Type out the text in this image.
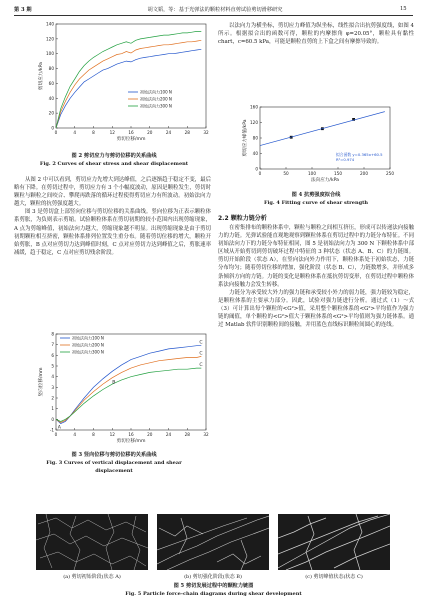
第 3 期	胡文韬，等：基于光弹法的颗粒材料直剪试验剪切滑移研究	15
0	4	8	12	16	20	24	28	32
0
20
40
60
80
100
120
140
剪切位移/mm
剪切应力/kPa
初始法向力100 N
初始法向力200 N
初始法向力300 N
图 2 剪切应力与剪切位移的关系曲线
Fig. 2 Curves of shear stress and shear displacement

从图 2 中可以看到，剪切应力先增大到达峰值，之后逐渐趋于稳定不变，最后略有下降。在剪切过程中，剪切应力有 3 个小幅度波动，原因是颗粒发生，剪切时颗粒与颗粒之间咬合、攀爬再跌落的循环过程使得剪切应力有所波动。初始法向力越大，颗粒的抗剪强度越大。

图 3 是剪切盒上部竖向位移与剪切位移的关系曲线。竖向位移为正表示颗粒体系剪胀，为负则表示剪缩。试验颗粒体系在剪切初期的较小范围内出现剪缩现象，A 点为剪缩峰值，初始法向力越大，剪缩现象越不明显。出现剪缩现象是由于剪切初期颗粒相互挤密，颗粒体系排列位置发生重分布。随着剪切位移的增大，颗粒开始剪胀，B 点对应剪切力达到峰值时刻，C 点对应剪切力达到峰值之后，剪胀速率减缓，趋于稳定，C 点对应剪切残余阶段。

0	4	8	12	16	20	24	28	32
-1
0
1
2
3
4
5
6
7
8
剪切位移/mm
竖向位移/mm
初始法向力100 N
C
初始法向力200 N
C
初始法向力300 N
C
A
B
图 3 竖向位移与剪切位移的关系曲线
Fig. 3 Curves of vertical displacement and shear
displacement

以法向力为横坐标，剪切应力峰值为纵坐标，线性拟合出抗剪强度线，如图 4 所示。根据拟合出的函数可得，颗粒的内摩擦角 φ=20.05°，颗粒具有黏性chart，c=60.5 kPa，可能是颗粒直剪的上下盒之间有摩擦导致的。

0	50	100	150	200	250
0
40
80
120
160
法向应力/kPa
剪切应力峰值/kPa	拟合函数 y=0.365x+60.5
R²=0.974
图 4 抗剪强度拟合线
Fig. 4 Fitting curve of shear strength
2.2 颗粒力链分析

在密集排布的颗粒体系中，颗粒与颗粒之间相互挤压，形成可以传递法向接触力的力链。光弹试验能直观地观察到颗粒体系在剪切过程中的力链分布特征。不同初始法向力下的力链分布特征相同，图 5 是初始法向力为 300 N 下颗粒体系中部区域从开始剪切到剪切破坏过程中特征的 3 种状态（状态 A、B、C）的力链图。剪切开始阶段（状态 A），在竖向法向外力作用下，颗粒体系处于初始状态，力链分布均匀；随着剪切位移的增加，强化阶段（状态 B、C），力链数增多，并形成多条倾斜方向的力链。力链的变化是颗粒体系在抵抗剪切变形，在剪切过程中颗粒体系法向接触力会发生转移。

力链分为承受较大外力的强力链和承受较小外力的弱力链，强力链较为稳定，是颗粒体系的主要承力部分。因此，试验对强力链进行分析。通过式（1）～式（3）可计算出每个颗粒的<G²>值，采用整个颗粒体系的<G²>平均值作为强力链的阈值，单个颗粒的<G²>值大于颗粒体系的<G²>平均值则为强力链体系。通过 Matlab 软件识别颗粒间的接触，并用蓝色直线标识颗粒间圆心的连线。

(a) 剪切初始阶段(状态 A)	(b) 剪切强化阶段(状态 B)	(c) 剪切峰值状态(状态 C)
图 5 剪切发展过程中的颗粒力链图
Fig. 5 Particle force-chain diagrams during shear development
